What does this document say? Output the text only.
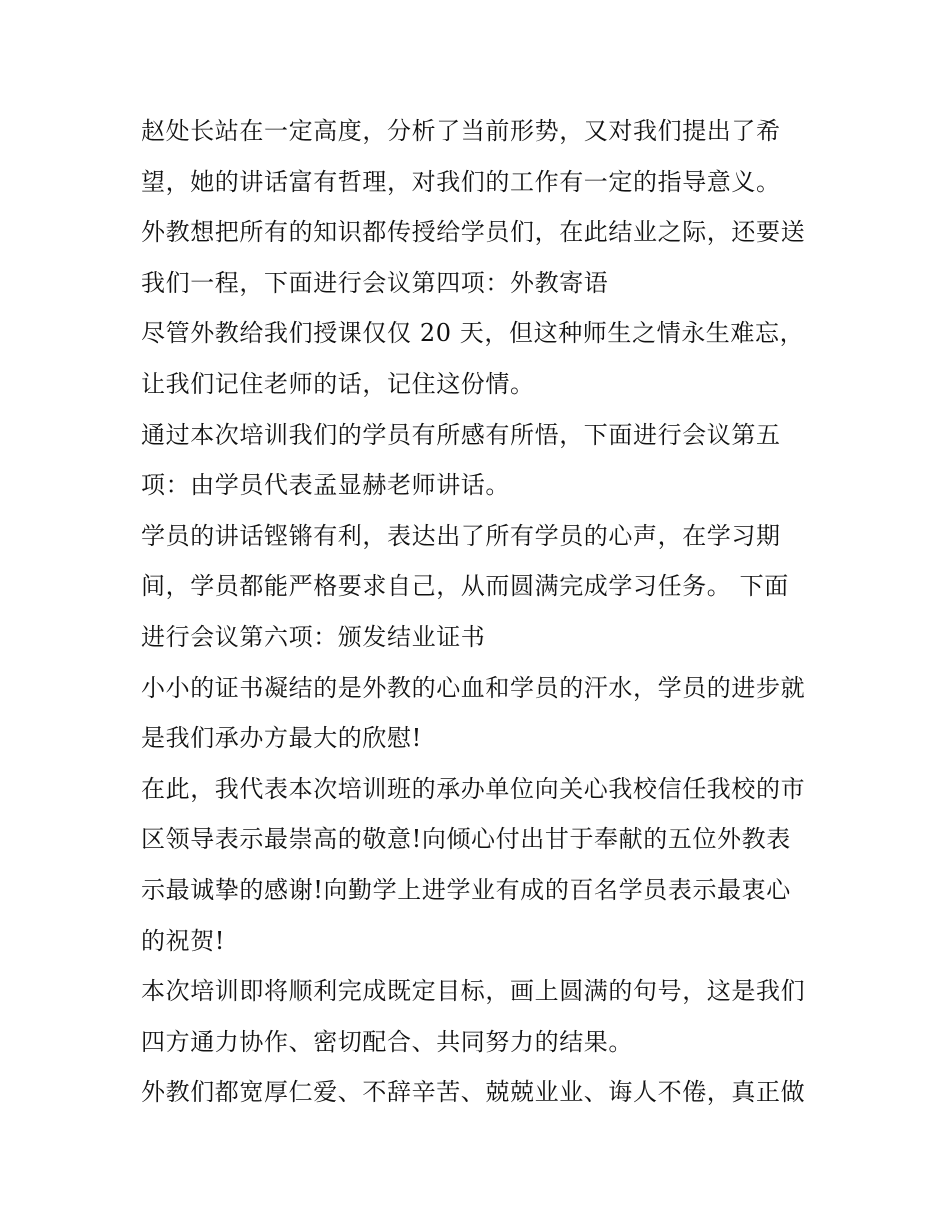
赵处长站在一定高度，分析了当前形势，又对我们提出了希
望，她的讲话富有哲理，对我们的工作有一定的指导意义。
外教想把所有的知识都传授给学员们，在此结业之际，还要送
我们一程，下面进行会议第四项：外教寄语
尽管外教给我们授课仅仅 20 天，但这种师生之情永生难忘，
让我们记住老师的话，记住这份情。
通过本次培训我们的学员有所感有所悟，下面进行会议第五
项：由学员代表孟显赫老师讲话。
学员的讲话铿锵有利，表达出了所有学员的心声，在学习期
间，学员都能严格要求自己，从而圆满完成学习任务。 下面
进行会议第六项：颁发结业证书
小小的证书凝结的是外教的心血和学员的汗水，学员的进步就
是我们承办方最大的欣慰!
在此，我代表本次培训班的承办单位向关心我校信任我校的市
区领导表示最崇高的敬意!向倾心付出甘于奉献的五位外教表
示最诚挚的感谢!向勤学上进学业有成的百名学员表示最衷心
的祝贺!
本次培训即将顺利完成既定目标，画上圆满的句号，这是我们
四方通力协作、密切配合、共同努力的结果。
外教们都宽厚仁爱、不辞辛苦、兢兢业业、诲人不倦，真正做
